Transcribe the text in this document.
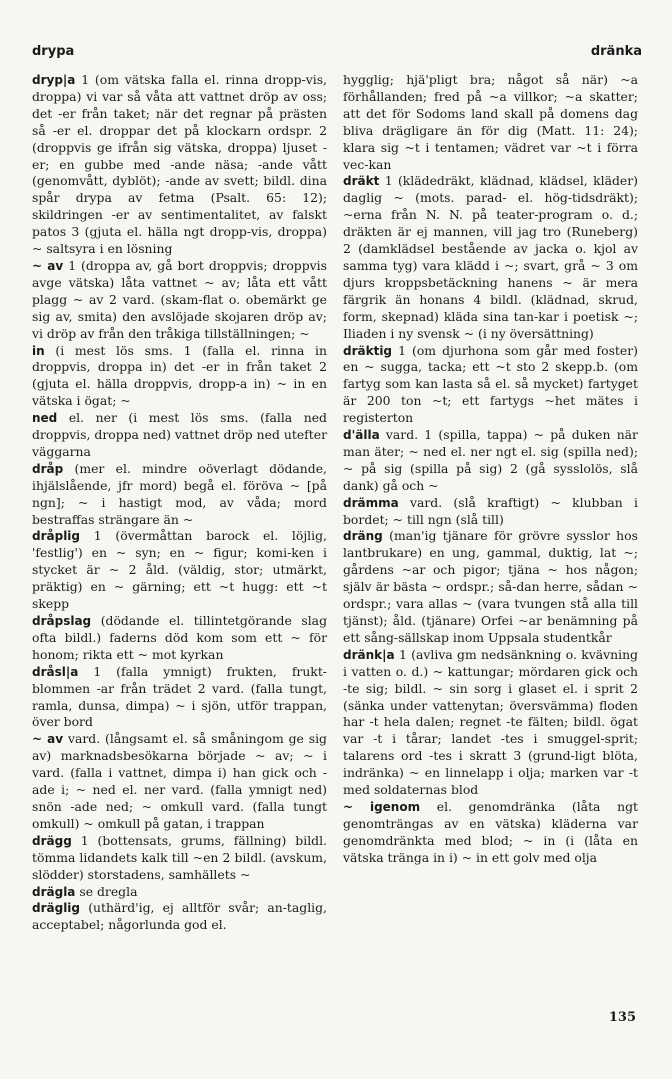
drypa	dränka

dryp|a 1 (om vätska falla el. rinna dropp-vis, droppa) vi var så våta att vattnet dröp av oss; det -er från taket; när det regnar på prästen så -er el. droppar det på klockarn ordspr. 2 (droppvis ge ifrån sig vätska, droppa) ljuset -er; en gubbe med -ande näsa; -ande vått (genomvått, dyblöt); -ande av svett; bildl. dina spår drypa av fetma (Psalt. 65: 12); skildringen -er av sentimentalitet, av falskt patos 3 (gjuta el. hälla ngt dropp-vis, droppa) ~ saltsyra i en lösning

~ av 1 (droppa av, gå bort droppvis; droppvis avge vätska) låta vattnet ~ av; låta ett vått plagg ~ av 2 vard. (skam-flat o. obemärkt ge sig av, smita) den avslöjade skojaren dröp av; vi dröp av från den tråkiga tillställningen; ~

in (i mest lös sms. 1 (falla el. rinna in droppvis, droppa in) det -er in från taket 2 (gjuta el. hälla droppvis, dropp-a in) ~ in en vätska i ögat; ~

ned el. ner (i mest lös sms. (falla ned droppvis, droppa ned) vattnet dröp ned utefter väggarna

dråp (mer el. mindre oöverlagt dödande, ihjälslående, jfr mord) begå el. föröva ~ [på ngn]; ~ i hastigt mod, av våda; mord bestraffas strängare än ~

dråplig 1 (övermåttan barock el. löjlig, 'festlig') en ~ syn; en ~ figur; komi-ken i stycket är ~ 2 åld. (väldig, stor; utmärkt, präktig) en ~ gärning; ett ~t hugg: ett ~t skepp

dråpslag (dödande el. tillintetgörande slag ofta bildl.) faderns död kom som ett ~ för honom; rikta ett ~ mot kyrkan

dråsl|a 1 (falla ymnigt) frukten, frukt-blommen -ar från trädet 2 vard. (falla tungt, ramla, dunsa, dimpa) ~ i sjön, utför trappan, över bord

~ av vard. (långsamt el. så småningom ge sig av) marknadsbesökarna började ~ av; ~ i vard. (falla i vattnet, dimpa i) han gick och -ade i; ~ ned el. ner vard. (falla ymnigt ned) snön -ade ned; ~ omkull vard. (falla tungt omkull) ~ omkull på gatan, i trappan

drägg 1 (bottensats, grums, fällning) bildl. tömma lidandets kalk till ~en 2 bildl. (avskum, slödder) storstadens, samhällets ~

drägla se dregla

dräglig (uthärd'ig, ej alltför svår; an-taglig, acceptabel; någorlunda god el.

hygglig; hjä'pligt bra; något så när) ~a förhållanden; fred på ~a villkor; ~a skatter; att det för Sodoms land skall på domens dag bliva drägligare än för dig (Matt. 11: 24); klara sig ~t i tentamen; vädret var ~t i förra vec-kan

dräkt 1 (klädedräkt, klädnad, klädsel, kläder) daglig ~ (mots. parad- el. hög-tidsdräkt); ~erna från N. N. på teater-program o. d.; dräkten är ej mannen, vill jag tro (Runeberg) 2 (damklädsel bestående av jacka o. kjol av samma tyg) vara klädd i ~; svart, grå ~ 3 om djurs kroppsbetäckning hanens ~ är mera färgrik än honans 4 bildl. (klädnad, skrud, form, skepnad) kläda sina tan-kar i poetisk ~; Iliaden i ny svensk ~ (i ny översättning)

dräktig 1 (om djurhona som går med foster) en ~ sugga, tacka; ett ~t sto 2 skepp.b. (om fartyg som kan lasta så el. så mycket) fartyget är 200 ton ~t; ett fartygs ~het mätes i registerton

d'älla vard. 1 (spilla, tappa) ~ på duken när man äter; ~ ned el. ner ngt el. sig (spilla ned); ~ på sig (spilla på sig) 2 (gå sysslolös, slå dank) gå och ~

drämma vard. (slå kraftigt) ~ klubban i bordet; ~ till ngn (slå till)

dräng (man'ig tjänare för grövre sysslor hos lantbrukare) en ung, gammal, duktig, lat ~; gårdens ~ar och pigor; tjäna ~ hos någon; själv är bästa ~ ordspr.; så-dan herre, sådan ~ ordspr.; vara allas ~ (vara tvungen stå alla till tjänst); åld. (tjänare) Orfei ~ar benämning på ett sång-sällskap inom Uppsala studentkår

dränk|a 1 (avliva gm nedsänkning o. kvävning i vatten o. d.) ~ kattungar; mördaren gick och -te sig; bildl. ~ sin sorg i glaset el. i sprit 2 (sänka under vattenytan; översvämma) floden har -t hela dalen; regnet -te fälten; bildl. ögat var -t i tårar; landet -tes i smuggel-sprit; talarens ord -tes i skratt 3 (grund-ligt blöta, indränka) ~ en linnelapp i olja; marken var -t med soldaternas blod

~ igenom el. genomdränka (låta ngt genomträngas av en vätska) kläderna var genomdränkta med blod; ~ in (i (låta en vätska tränga in i) ~ in ett golv med olja

135
